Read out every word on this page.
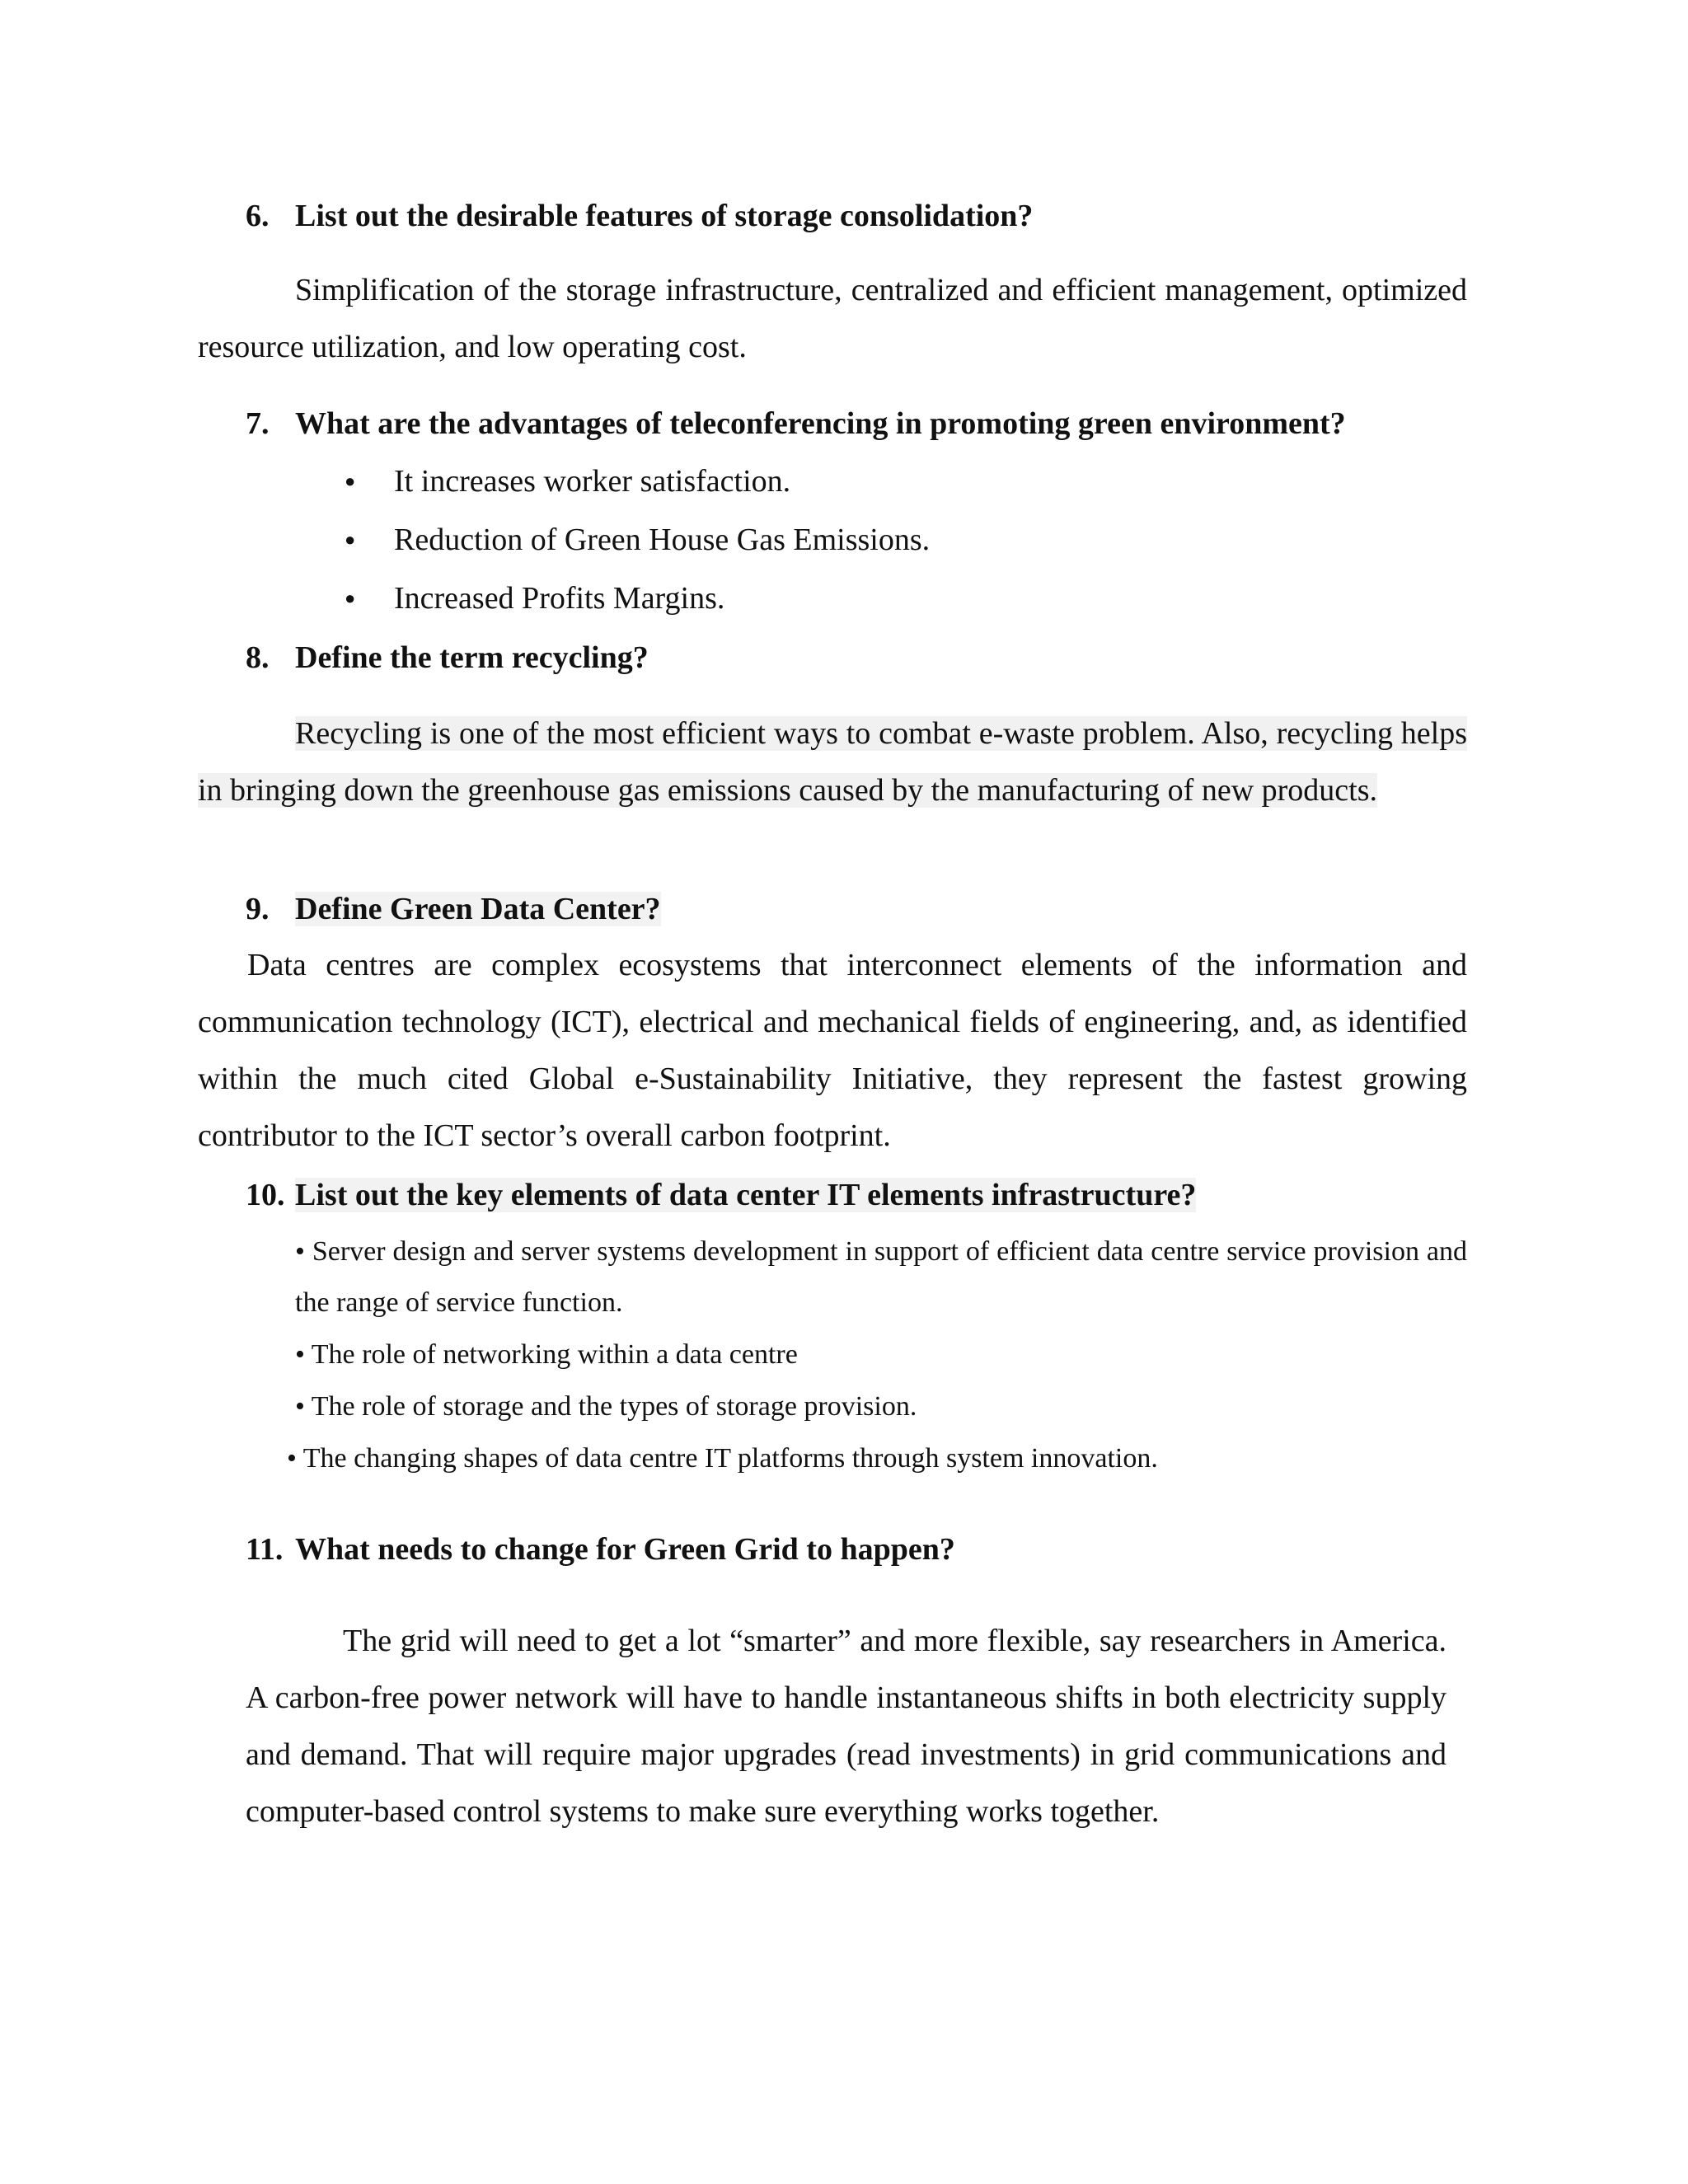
6. List out the desirable features of storage consolidation?

Simplification of the storage infrastructure, centralized and efficient management, optimized resource utilization, and low operating cost.

7. What are the advantages of teleconferencing in promoting green environment?
● It increases worker satisfaction.
● Reduction of Green House Gas Emissions.
● Increased Profits Margins.
8. Define the term recycling?

Recycling is one of the most efficient ways to combat e-waste problem. Also, recycling helps in bringing down the greenhouse gas emissions caused by the manufacturing of new products.

9. Define Green Data Center?

Data centres are complex ecosystems that interconnect elements of the information and communication technology (ICT), electrical and mechanical fields of engineering, and, as identified within the much cited Global e-Sustainability Initiative, they represent the fastest growing contributor to the ICT sector’s overall carbon footprint.

10. List out the key elements of data center IT elements infrastructure?

• Server design and server systems development in support of efficient data centre service provision and the range of service function.

• The role of networking within a data centre

• The role of storage and the types of storage provision.

• The changing shapes of data centre IT platforms through system innovation.

11. What needs to change for Green Grid to happen?

The grid will need to get a lot “smarter” and more flexible, say researchers in America. A carbon-free power network will have to handle instantaneous shifts in both electricity supply and demand. That will require major upgrades (read investments) in grid communications and computer-based control systems to make sure everything works together.
